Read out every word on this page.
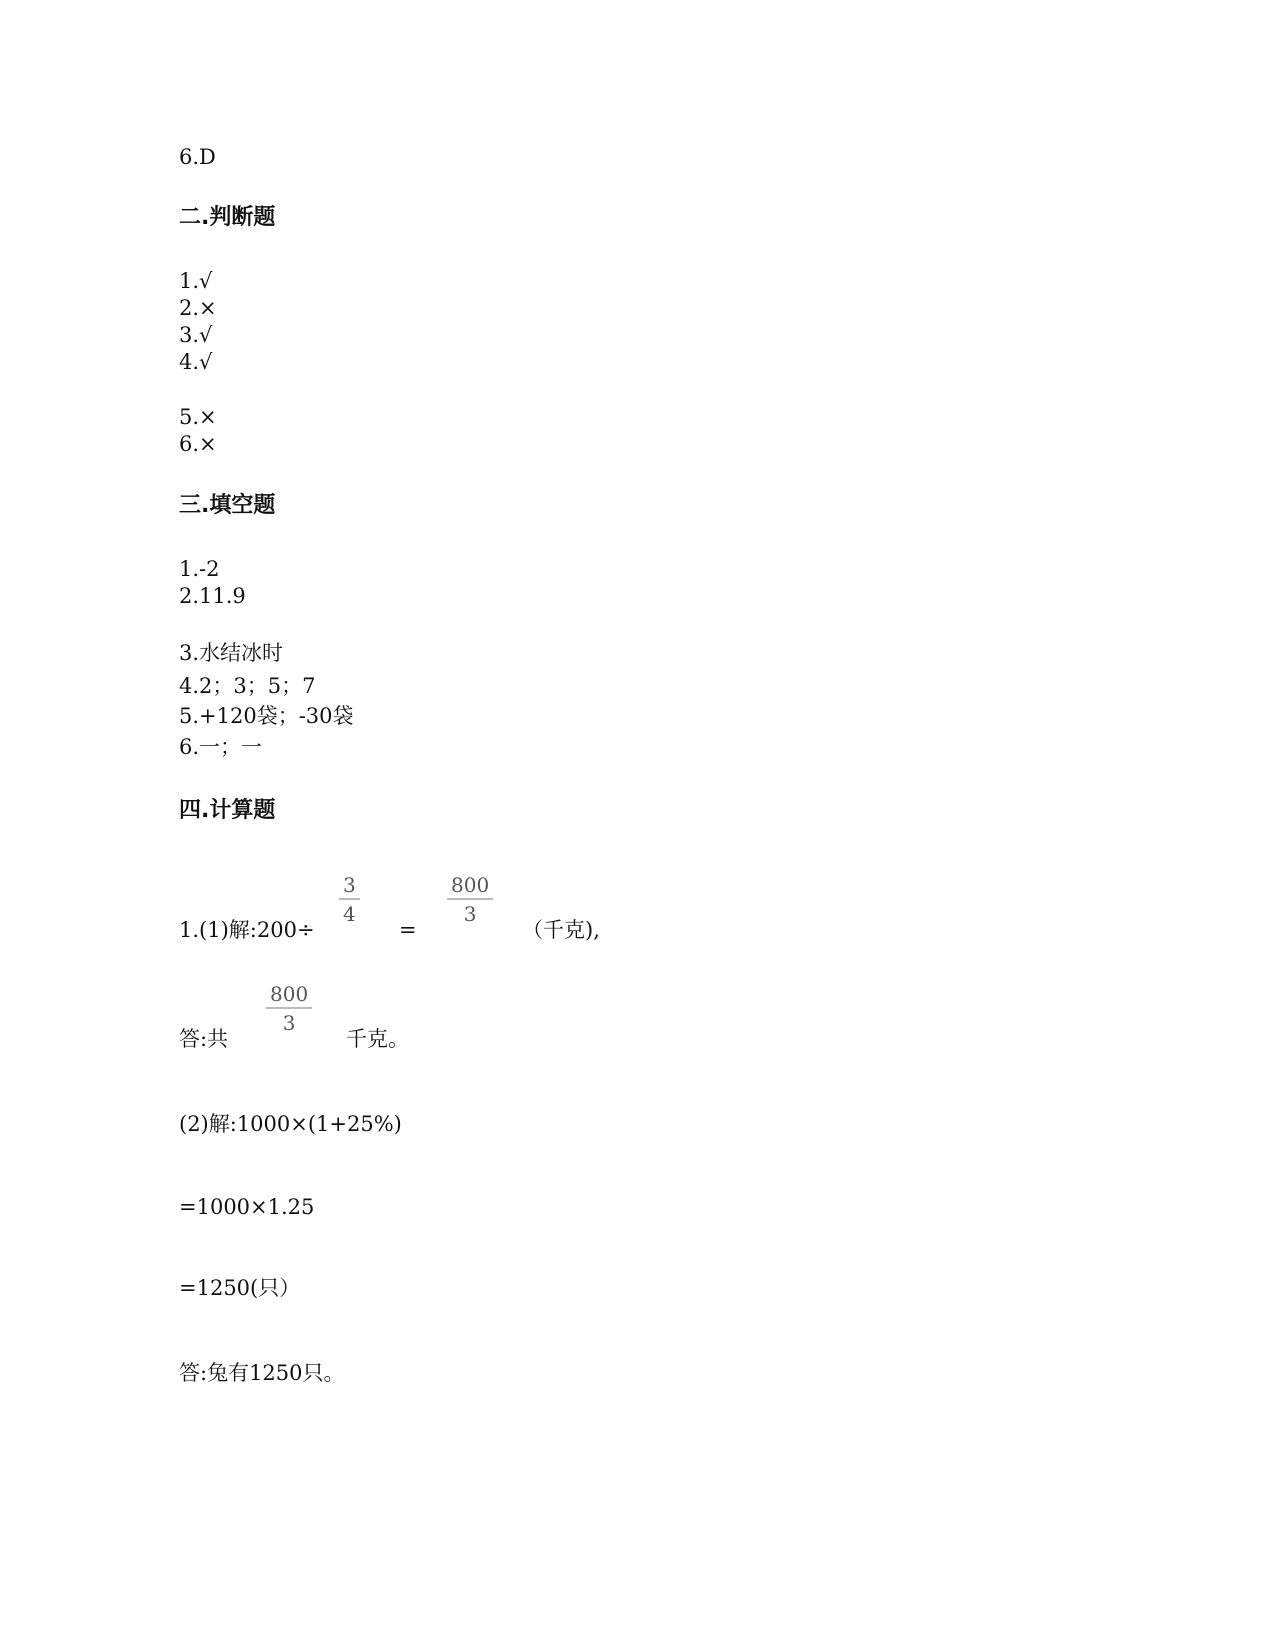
6.D
二.判断题
1.√
2.×
3.√
4.√
5.×
6.×
三.填空题
1.-2
2.11.9
3.水结冰时
4.2；3；5；7
5.+120袋；-30袋
6.一；一
四.计算题
1.(1)解:200÷
3
4
=
800
3
（千克),
答:共
800
3
千克。
(2)解:1000×(1+25%)
=1000×1.25
=1250(只）
答:兔有1250只。
